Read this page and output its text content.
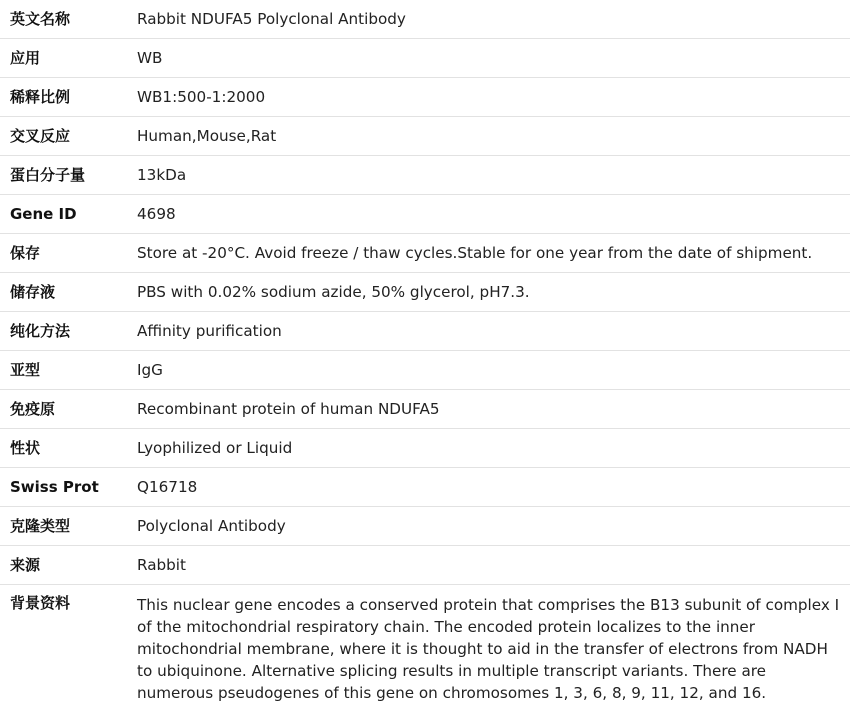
英文名称	Rabbit NDUFA5 Polyclonal Antibody

应用	WB

稀释比例	WB1:500-1:2000

交叉反应	Human,Mouse,Rat

蛋白分子量	13kDa

Gene ID	4698

保存	Store at -20°C. Avoid freeze / thaw cycles.Stable for one year from the date of shipment.

储存液	PBS with 0.02% sodium azide, 50% glycerol, pH7.3.

纯化方法	Affinity purification

亚型	IgG

免疫原	Recombinant protein of human NDUFA5

性状	Lyophilized or Liquid

Swiss Prot	Q16718

克隆类型	Polyclonal Antibody

来源	Rabbit

背景资料	This nuclear gene encodes a conserved protein that comprises the B13 subunit of complex I of the mitochondrial respiratory chain. The encoded protein localizes to the inner mitochondrial membrane, where it is thought to aid in the transfer of electrons from NADH to ubiquinone. Alternative splicing results in multiple transcript variants. There are numerous pseudogenes of this gene on chromosomes 1, 3, 6, 8, 9, 11, 12, and 16.
